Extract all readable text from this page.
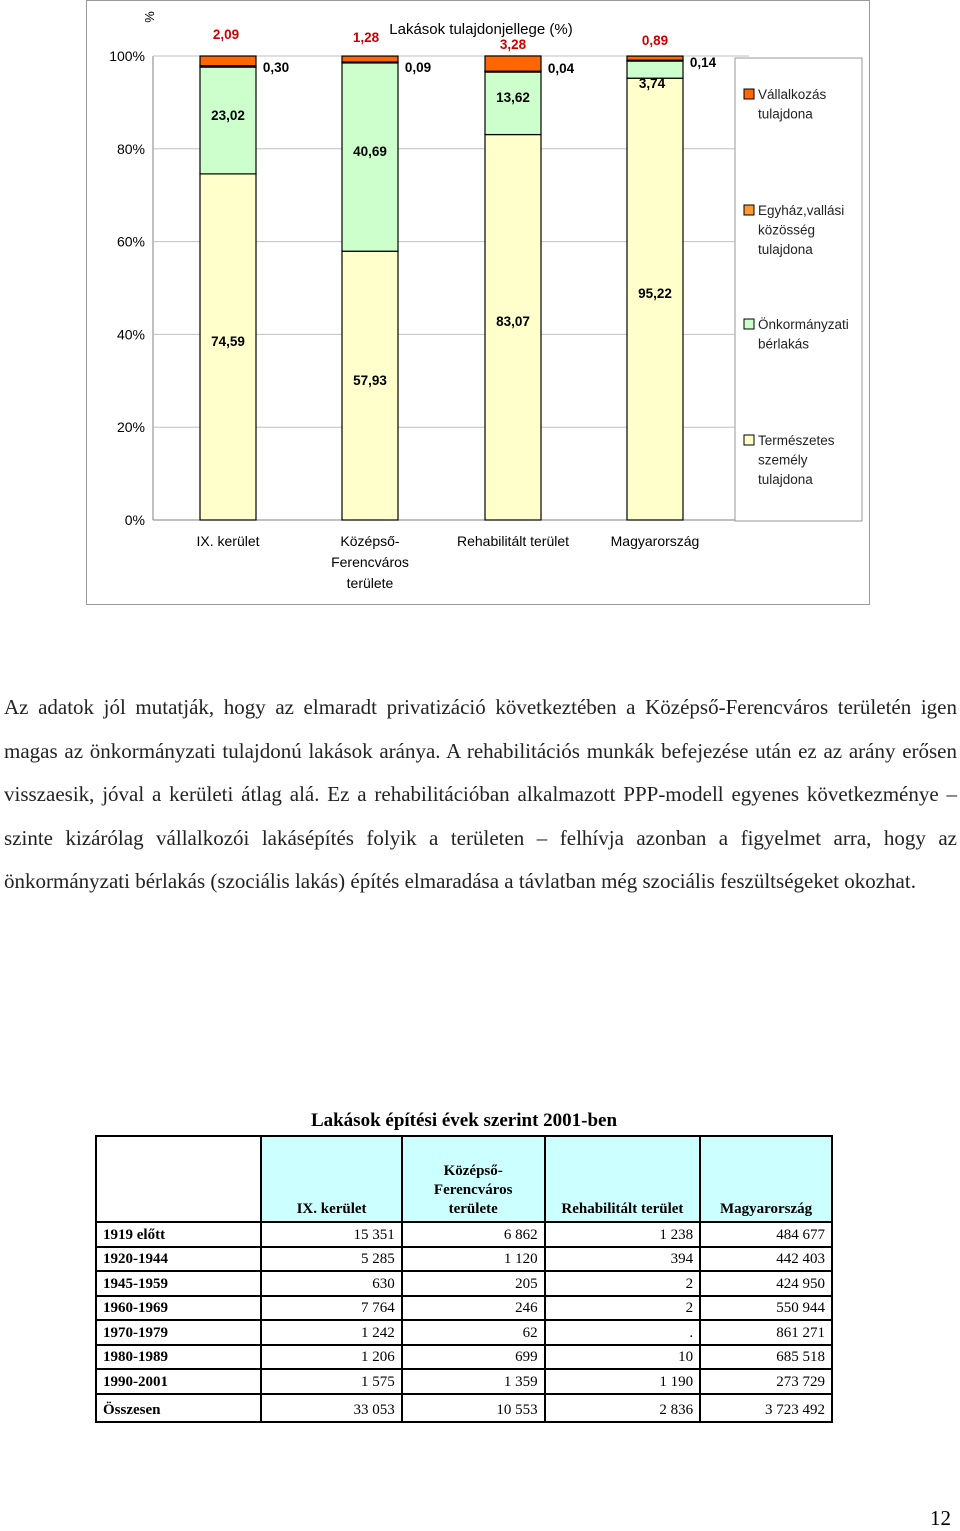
0%
20%
40%
60%
80%
100%
%
Lakások tulajdonjellege (%)
74,59
57,93
83,07
95,22
23,02
40,69
13,62
3,74
0,30	0,09	0,04	0,14
2,09	1,28	3,28	0,89
IX. kerület	Középső-
Ferencváros
területe
Rehabilitált terület	Magyarország
Vállalkozás
tulajdona
Egyház,vallási
közösség
tulajdona
Önkormányzati
bérlakás
Természetes
személy
tulajdona

Az adatok jól mutatják, hogy az elmaradt privatizáció következtében a Középső-Ferencváros területén igen magas az önkormányzati tulajdonú lakások aránya. A rehabilitációs munkák befejezése után ez az arány erősen visszaesik, jóval a kerületi átlag alá. Ez a rehabilitációban alkalmazott PPP-modell egyenes következménye – szinte kizárólag vállalkozói lakásépítés folyik a területen – felhívja azonban a figyelmet arra, hogy az önkormányzati bérlakás (szociális lakás) építés elmaradása a távlatban még szociális feszültségeket okozhat.

Lakások építési évek szerint 2001-ben
	IX. kerület	Középső-Ferencváros területe	Rehabilitált terület	Magyarország
1919 előtt	15 351	6 862	1 238	484 677
1920-1944	5 285	1 120	394	442 403
1945-1959	630	205	2	424 950
1960-1969	7 764	246	2	550 944
1970-1979	1 242	62	.	861 271
1980-1989	1 206	699	10	685 518
1990-2001	1 575	1 359	1 190	273 729
Összesen	33 053	10 553	2 836	3 723 492
12
